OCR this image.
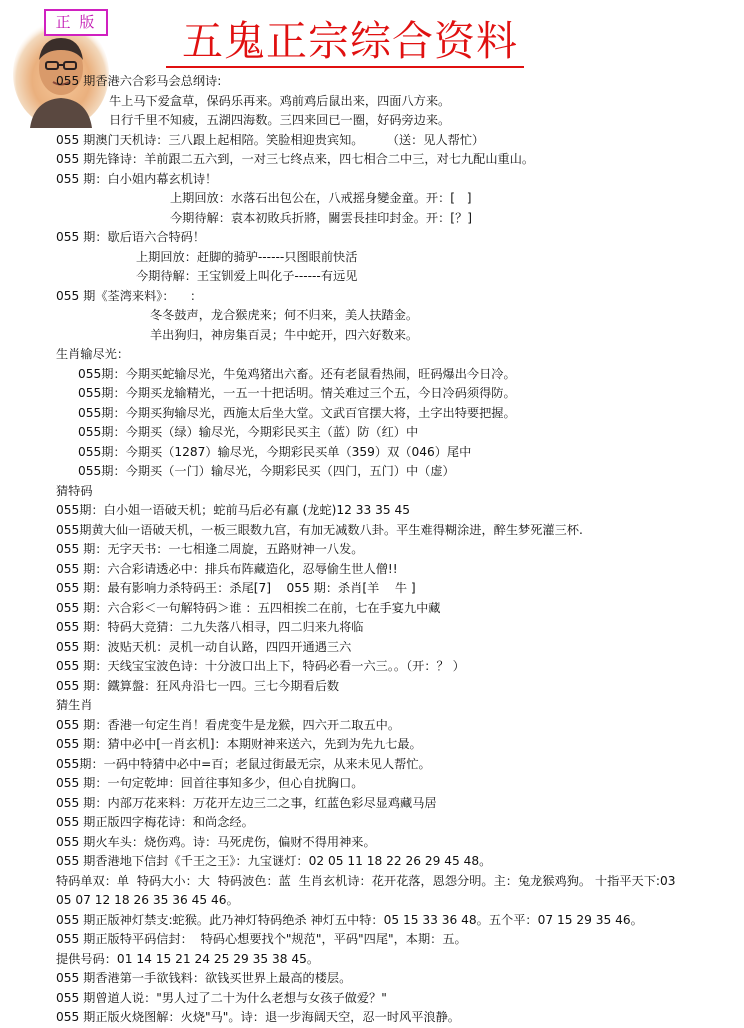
正 版	五鬼正宗综合资料
055 期香港六合彩马会总纲诗:
牛上马下爱盒草，保码乐再来。鸡前鸡后鼠出来，四面八方来。
日行千里不知疲，五湖四海数。三四来回已一圈，好码旁边来。
055 期澳门天机诗：三八跟上起相陪。笑脸相迎贵宾知。      （送：见人帮忙）
055 期先锋诗：羊前跟二五六到，一对三七终点来，四七相合二中三，对七九配山重山。
055 期：白小姐内幕玄机诗！
上期回放：水落石出包公在，八戒摇身變金童。开：[   ]
今期待解：袁本初敗兵折將，關雲長挂印封金。开：[？]
055 期：歇后语六合特码！
上期回放：赶脚的骑驴------只图眼前快活
今期待解：王宝钏爱上叫化子------有远见
055 期《荃湾来料》：    ：
冬冬鼓声，龙合猴虎来；何不归来，美人扶踏金。
羊出狗归，神房集百灵；牛中蛇开，四六好数来。
生肖输尽光：
055期：今期买蛇输尽光，牛兔鸡猪出六畜。还有老鼠看热闹，旺码爆出今日冷。
055期：今期买龙输精光，一五一十把话明。情关难过三个五，今日冷码须得防。
055期：今期买狗输尽光，西施太后坐大堂。文武百官摆大将，土字出特要把握。
055期：今期买（绿）输尽光，今期彩民买主（蓝）防（红）中
055期：今期买（1287）输尽光，今期彩民买单（359）双（046）尾中
055期：今期买（一门）输尽光，今期彩民买（四门，五门）中（虚）
猜特码
055期：白小姐一语破天机；蛇前马后必有羸 (龙蛇)12 33 35 45
055期黄大仙一语破天机，一板三眼数九宫，有加无减数八卦。平生难得糊涂进，醉生梦死灌三杯.
055 期：无字天书：一七相逢二周旋，五路财神一八发。
055 期：六合彩请透必中：排兵布阵藏造化，忍辱偷生世人僧!!
055 期：最有影响力杀特码王：杀尾[7]    055 期：杀肖[羊    牛 ]
055 期：六合彩＜一句解特码＞谁 ：五四相挨二在前，七在手宴九中藏
055 期：特码大竞猜：二九失落八相寻，四二归来九将临
055 期：波贴天机：灵机一动自认路，四四开通遇三六
055 期：天线宝宝波色诗：十分波口出上下，特码必看一六三。。（开：？ ）
055 期：鐵算盤：狂风舟沿七一四。三七今期看后数
猜生肖
055 期：香港一句定生肖！看虎变牛是龙猴，四六开二取五中。
055 期：猜中必中[一肖玄机]：本期财神来送六，先到为先九七最。
055期：一码中特猜中必中=百；老鼠过街最无宗，从来未见人帮忙。
055 期：一句定乾坤：回首往事知多少，但心自扰胸口。
055 期：内部万花来料：万花开左边三二之事，红蓝色彩尽显鸡藏马居
055 期正版四字梅花诗：和尚念经。
055 期火车头：烧伤鸡。诗：马死虎伤，偏财不得用神来。
055 期香港地下信封《千王之王》：九宝谜灯：02 05 11 18 22 26 29 45 48。
特码单双：单  特码大小：大  特码波色：蓝  生肖玄机诗：花开花落，恩怨分明。主：兔龙猴鸡狗。 十指平天下:03
05 07 12 18 26 35 36 45 46。
055 期正版神灯禁支:蛇猴。此乃神灯特码绝杀 神灯五中特：05 15 33 36 48。五个平：07 15 29 35 46。
055 期正版特平码信封：  特码心想要找个"规范"，平码"四尾"，本期：五。
提供号码：01 14 15 21 24 25 29 35 38 45。
055 期香港第一手欲钱料：欲钱买世界上最高的楼层。
055 期曾道人说："男人过了二十为什么老想与女孩子做爱？"
055 期正版火烧图解：火烧"马"。诗：退一步海阔天空，忍一时风平浪静。
